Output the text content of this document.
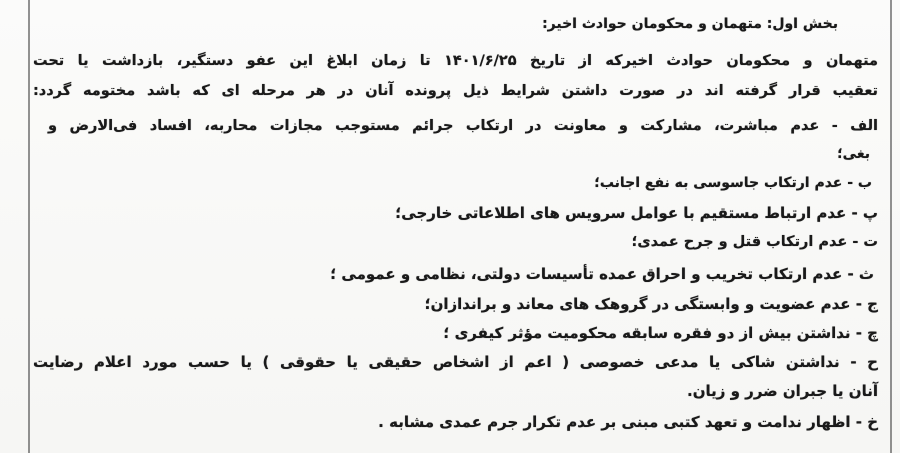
بخش اول: متهمان و محکومان حوادث اخیر:
متهمان و محکومان حوادث اخیرکه از تاریخ ۱۴۰۱/۶/۲۵ تا زمان ابلاغ این عفو دستگیر، بازداشت یا تحت
تعقیب قرار گرفته اند در صورت داشتن شرایط ذیل پرونده آنان در هر مرحله ای که باشد مختومه گردد:
الف - عدم مباشرت، مشارکت و معاونت در ارتکاب جرائم مستوجب مجازات محاربه، افساد فی‌الارض و
بغی؛
ب - عدم ارتکاب جاسوسی به نفع اجانب؛
پ - عدم ارتباط مستقیم با عوامل سرویس های اطلاعاتی خارجی؛
ت - عدم ارتکاب قتل و جرح عمدی؛
ث - عدم ارتکاب تخریب و احراق عمده تأسیسات دولتی، نظامی و عمومی ؛
ج - عدم عضویت و وابستگی در گروهک های معاند و براندازان؛
چ - نداشتن بیش از دو فقره سابقه محکومیت مؤثر کیفری ؛
ح - نداشتن شاکی یا مدعی خصوصی ( اعم از اشخاص حقیقی یا حقوقی ) یا حسب مورد اعلام رضایت
آنان یا جبران ضرر و زیان.
خ - اظهار ندامت و تعهد کتبی مبنی بر عدم تکرار جرم عمدی مشابه .
